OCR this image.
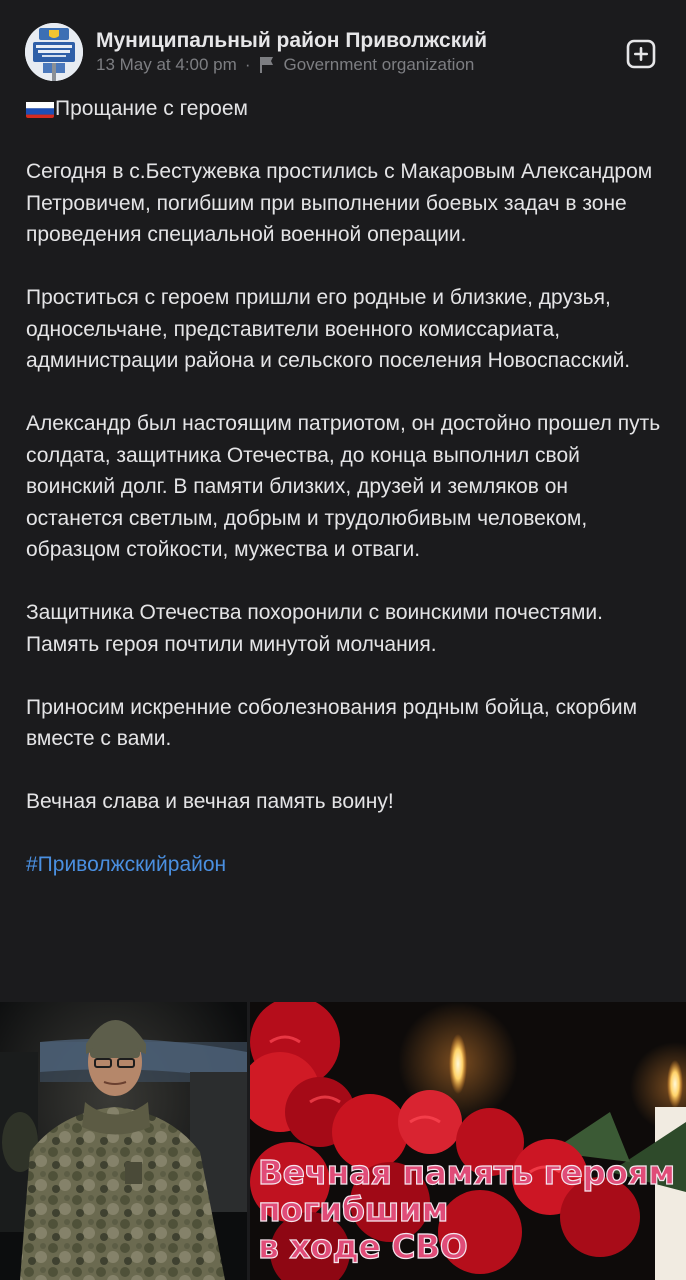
Муниципальный район Приволжский
13 May at 4:00 pm · Government organization
Прощание с героем
Сегодня в с.Бестужевка простились с Макаровым Александром Петровичем, погибшим при выполнении боевых задач в зоне проведения специальной военной операции.
Проститься с героем пришли его родные и близкие, друзья, односельчане, представители военного комиссариата, администрации района и сельского поселения Новоспасский.
Александр был настоящим патриотом, он достойно прошел путь солдата, защитника Отечества, до конца выполнил свой воинский долг. В памяти близких, друзей и земляков он останется светлым, добрым и трудолюбивым человеком, образцом стойкости, мужества и отваги.
Защитника Отечества похоронили с воинскими почестями. Память героя почтили минутой молчания.
Приносим искренние соболезнования родным бойца, скорбим вместе с вами.
Вечная слава и вечная память воину!
#Приволжскийрайон
Вечная память героям
погибшим
в ходе СВО
